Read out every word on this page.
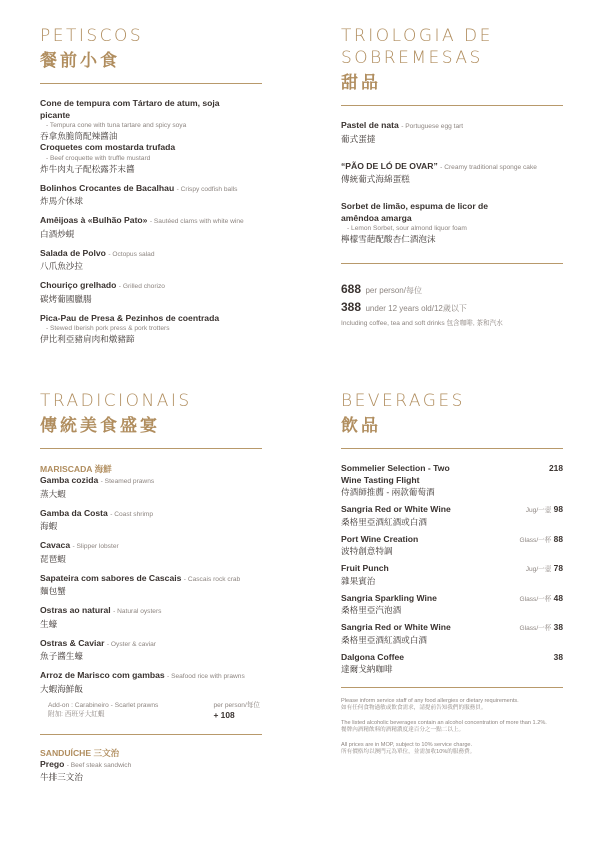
PETISCOS
餐前小食
Cone de tempura com Tártaro de atum, soja picante
- Tempura cone with tuna tartare and spicy soya
吞拿魚脆筒配辣醬油
Croquetes com mostarda trufada
- Beef croquette with truffle mustard
炸牛肉丸子配松露芥末醬
Bolinhos Crocantes de Bacalhau - Crispy codfish balls
炸馬介休球
Amêijoas à «Bulhão Pato» - Sautéed clams with white wine
白酒炒蜆
Salada de Polvo - Octopus salad
八爪魚沙拉
Chouriço grelhado - Grilled chorizo
碳烤葡國臘腸
Pica-Pau de Presa & Pezinhos de coentrada
- Stewed Iberish pork press & pork trotters
伊比利亞豬肩肉和燉豬蹄
TRIOLOGIA DE
SOBREMESAS
甜品
Pastel de nata - Portuguese egg tart
葡式蛋撻
“PÃO DE LÓ DE OVAR” - Creamy traditional sponge cake
傳統葡式海綿蛋糕
Sorbet de limão, espuma de licor de amêndoa amarga
- Lemon Sorbet, sour almond liquor foam
檸檬雪葩配酸杏仁酒泡沫
688 per person/每位
388 under 12 years old/12歲以下
Including coffee, tea and soft drinks 包含咖啡, 茶和汽水
TRADICIONAIS
傳統美食盛宴
MARISCADA 海鮮
Gamba cozida - Steamed prawns
蒸大蝦
Gamba da Costa - Coast shrimp
海蝦
Cavaca - Slipper lobster
琵琶蝦
Sapateira com sabores de Cascais - Cascais rock crab
麵包蟹
Ostras ao natural - Natural oysters
生蠔
Ostras & Caviar - Oyster & caviar
魚子醬生蠔
Arroz de Marisco com gambas - Seafood rice with prawns
大蝦海鮮飯
Add-on : Carabineiro - Scarlet prawns
附加: 西班牙大紅蝦
per person/每位
+ 108
SANDUÍCHE 三文治
Prego - Beef steak sandwich
牛排三文治
BEVERAGES
飲品
Sommelier Selection - Two Wine Tasting Flight
侍酒師推薦 - 兩款葡萄酒
218
Sangria Red or White Wine
桑格里亞酒紅酒或白酒
Jug/一壺 98
Port Wine Creation
波特創意特調
Glass/一杯 88
Fruit Punch
雜果賓治
Jug/一壺 78
Sangria Sparkling Wine
桑格里亞汽泡酒
Glass/一杯 48
Sangria Red or White Wine
桑格里亞酒紅酒或白酒
Glass/一杯 38
Dalgona Coffee
達爾戈納咖啡
38
Please inform service staff of any food allergies or dietary requirements.
如有任何食物過敏或飲食需求，請提前告知我們的服務員。
The listed alcoholic beverages contain an alcohol concentration of more than 1.2%.
餐牌內酒精飲料的酒精濃度達百分之一點二以上。
All prices are in MOP, subject to 10% service charge.
所有價格均以澳門元為單位，並需加收10%的服務費。
